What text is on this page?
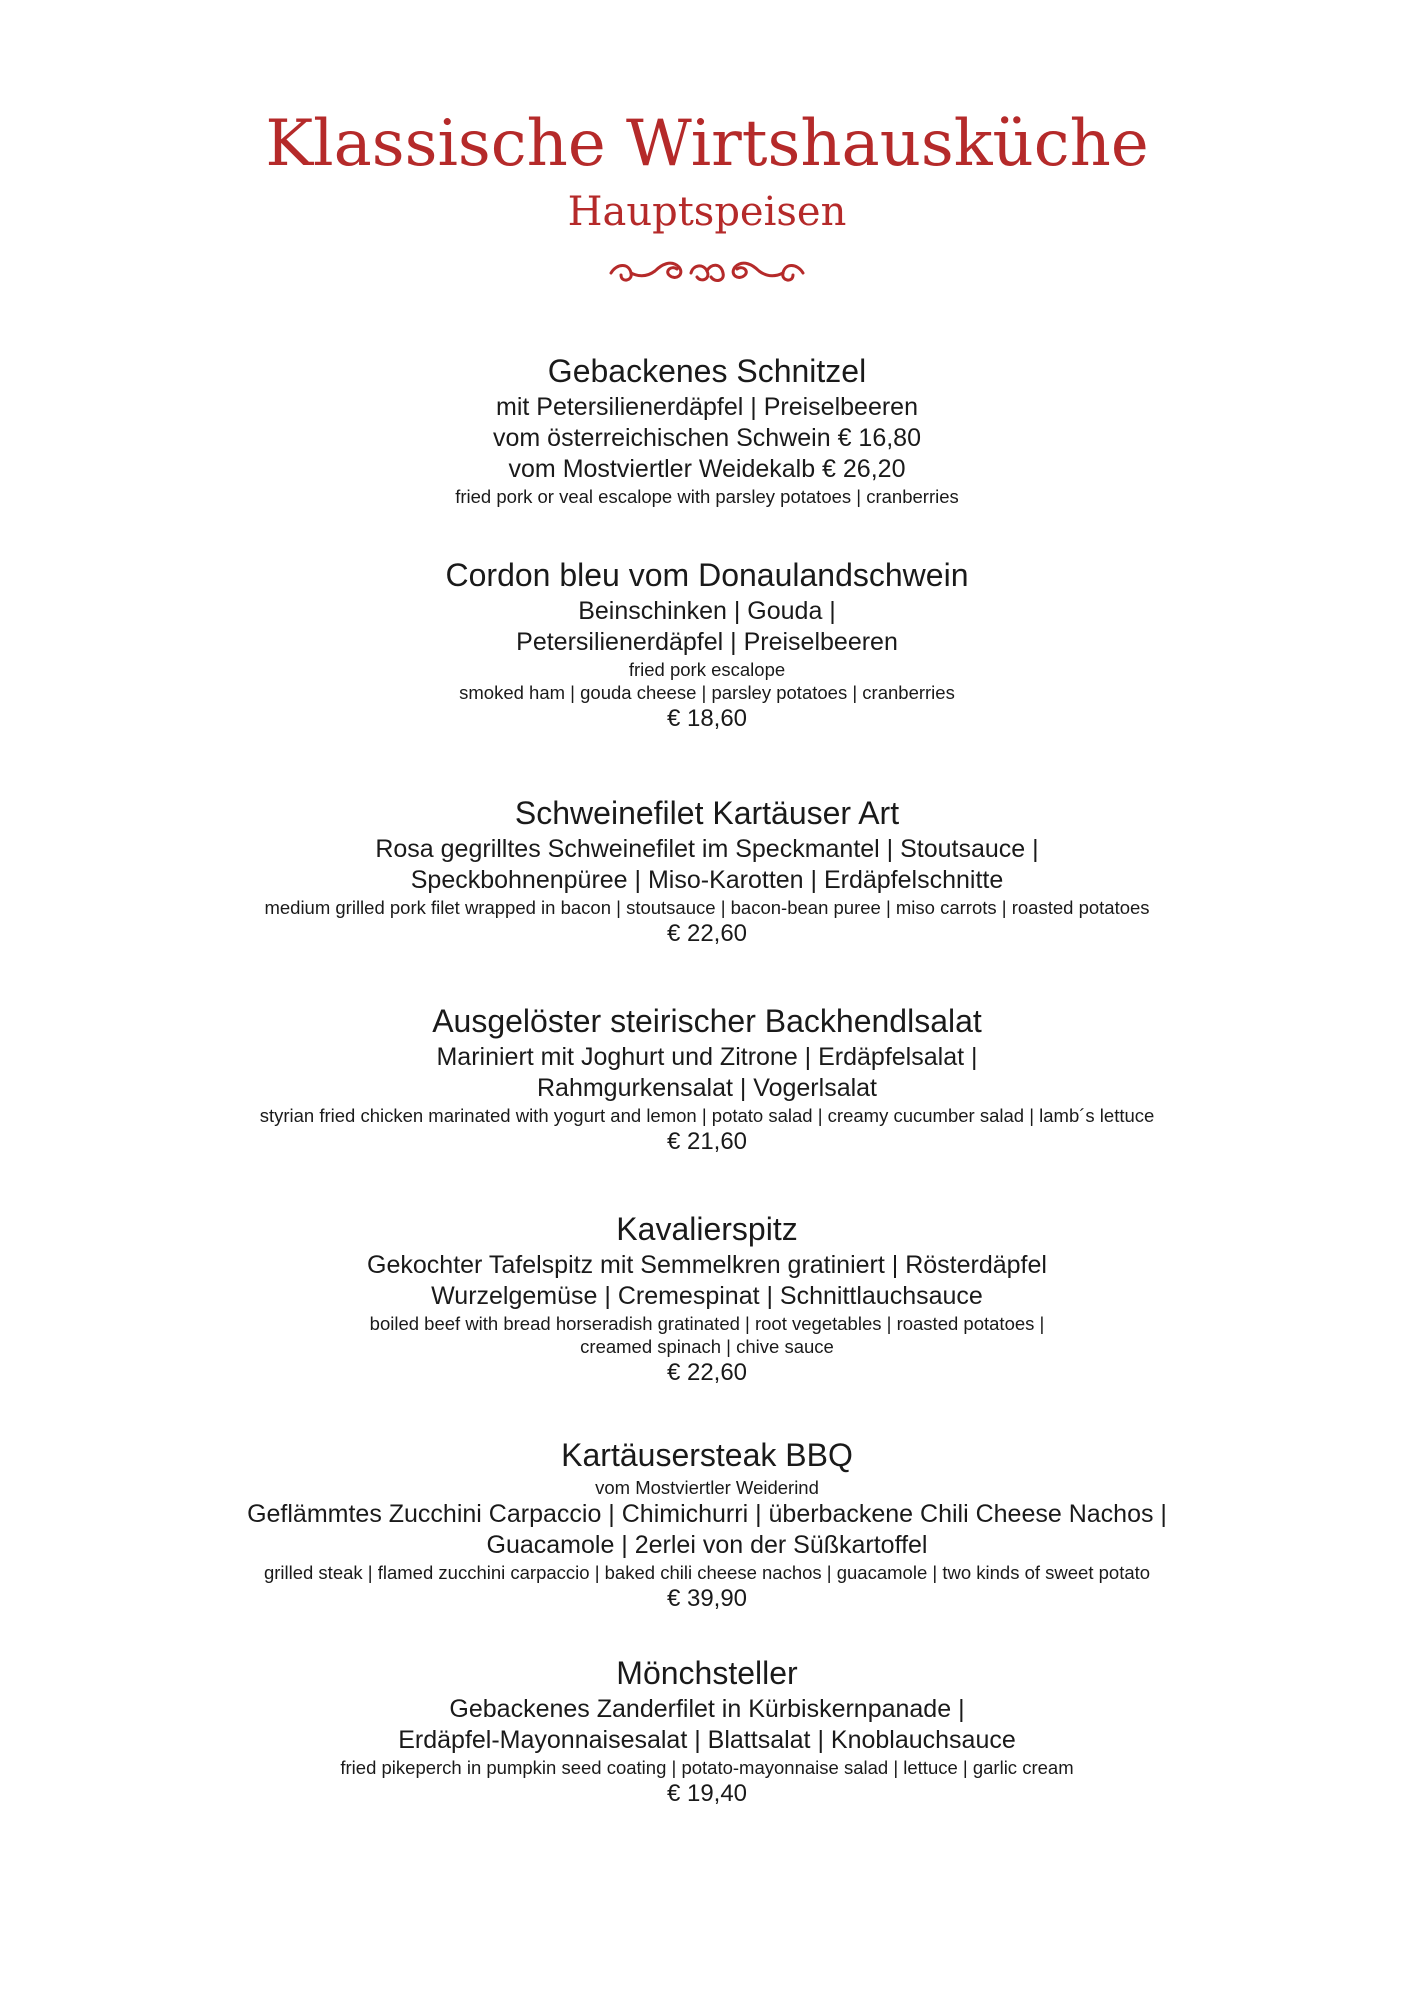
Klassische Wirtshausküche
Hauptspeisen
Gebackenes Schnitzel
mit Petersilienerdäpfel | Preiselbeeren
vom österreichischen Schwein € 16,80
vom Mostviertler Weidekalb € 26,20
fried pork or veal escalope with parsley potatoes | cranberries
Cordon bleu vom Donaulandschwein
Beinschinken | Gouda |
Petersilienerdäpfel | Preiselbeeren
fried pork escalope
smoked ham | gouda cheese | parsley potatoes | cranberries
€ 18,60
Schweinefilet Kartäuser Art
Rosa gegrilltes Schweinefilet im Speckmantel | Stoutsauce |
Speckbohnenpüree | Miso-Karotten | Erdäpfelschnitte
medium grilled pork filet wrapped in bacon | stoutsauce | bacon-bean puree | miso carrots | roasted potatoes
€ 22,60
Ausgelöster steirischer Backhendlsalat
Mariniert mit Joghurt und Zitrone | Erdäpfelsalat |
Rahmgurkensalat | Vogerlsalat
styrian fried chicken marinated with yogurt and lemon | potato salad | creamy cucumber salad | lamb´s lettuce
€ 21,60
Kavalierspitz
Gekochter Tafelspitz mit Semmelkren gratiniert | Rösterdäpfel
Wurzelgemüse | Cremespinat | Schnittlauchsauce
boiled beef with bread horseradish gratinated | root vegetables | roasted potatoes |
creamed spinach | chive sauce
€ 22,60
Kartäusersteak BBQ
vom Mostviertler Weiderind
Geflämmtes Zucchini Carpaccio | Chimichurri | überbackene Chili Cheese Nachos |
Guacamole | 2erlei von der Süßkartoffel
grilled steak | flamed zucchini carpaccio | baked chili cheese nachos | guacamole | two kinds of sweet potato
€ 39,90
Mönchsteller
Gebackenes Zanderfilet in Kürbiskernpanade |
Erdäpfel-Mayonnaisesalat | Blattsalat | Knoblauchsauce
fried pikeperch in pumpkin seed coating | potato-mayonnaise salad | lettuce | garlic cream
€ 19,40
